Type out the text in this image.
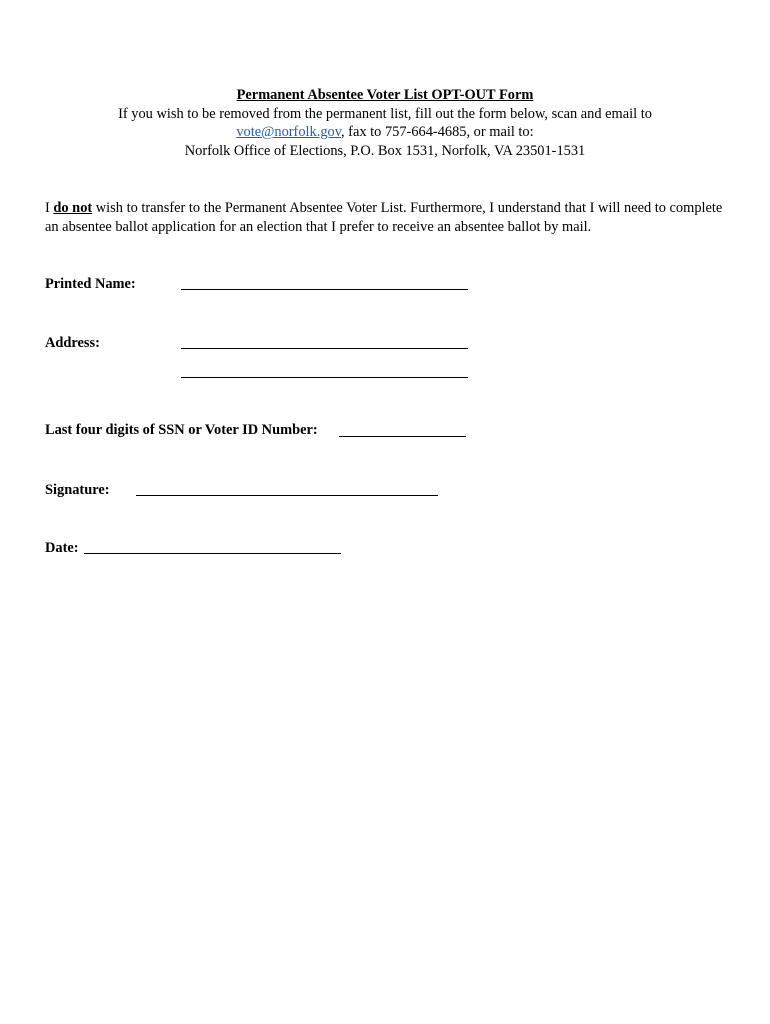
Permanent Absentee Voter List OPT-OUT Form
If you wish to be removed from the permanent list, fill out the form below, scan and email to
vote@norfolk.gov, fax to 757-664-4685, or mail to:
Norfolk Office of Elections, P.O. Box 1531, Norfolk, VA 23501-1531
I do not wish to transfer to the Permanent Absentee Voter List. Furthermore, I understand that I will need to complete an absentee ballot application for an election that I prefer to receive an absentee ballot by mail.
Printed Name:
Address:
Last four digits of SSN or Voter ID Number:
Signature:
Date:
